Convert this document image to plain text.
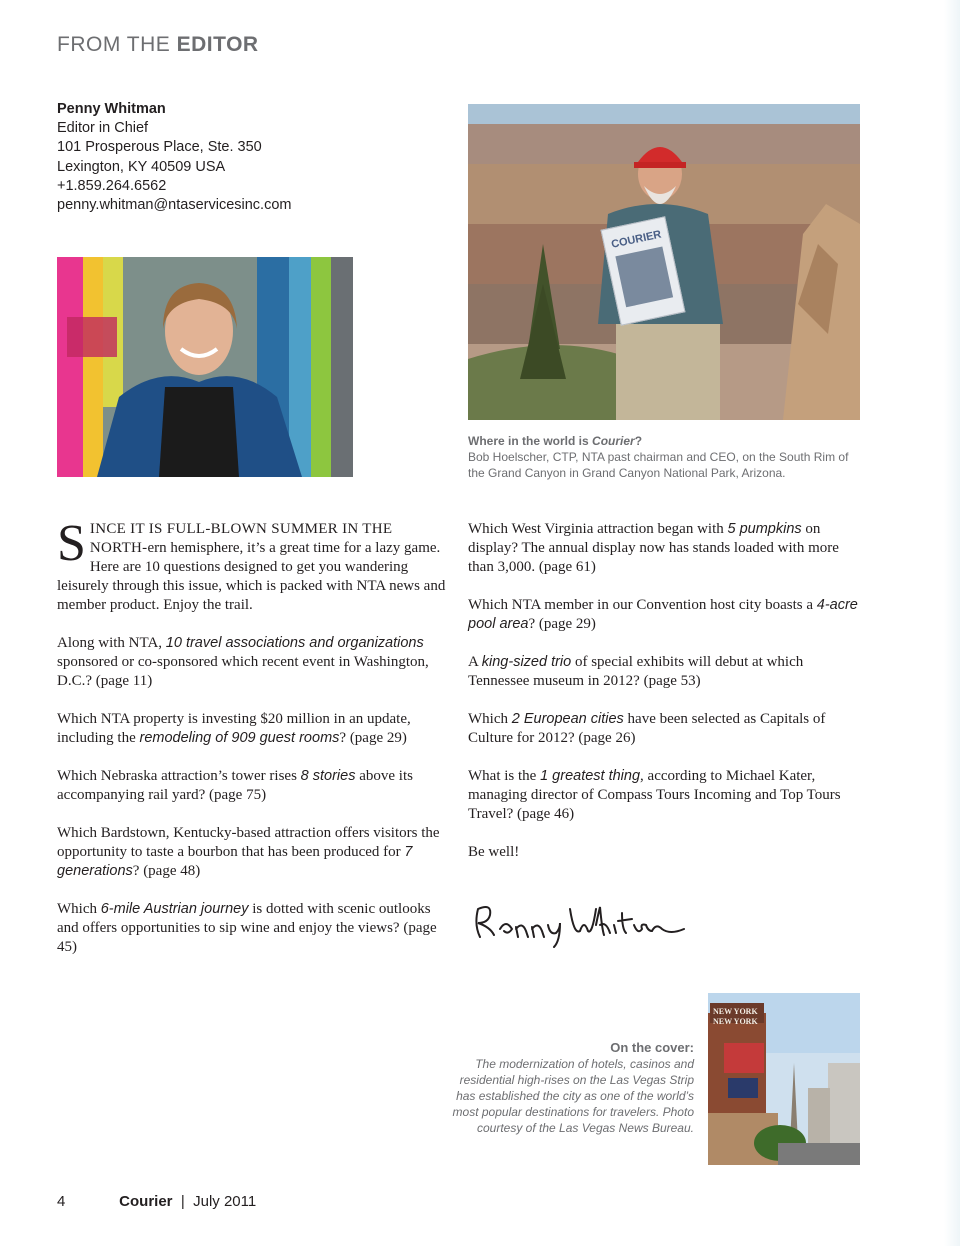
FROM THE EDITOR
Penny Whitman
Editor in Chief
101 Prosperous Place, Ste. 350
Lexington, KY 40509 USA
+1.859.264.6562
penny.whitman@ntaservicesinc.com
COURIER
Where in the world is Courier?
Bob Hoelscher, CTP, NTA past chairman and CEO, on the South Rim of the Grand Canyon in Grand Canyon National Park, Arizona.

SINCE IT IS FULL-BLOWN SUMMER IN THE NORTH-ern hemisphere, it’s a great time for a lazy game. Here are 10 questions designed to get you wandering leisurely through this issue, which is packed with NTA news and member product. Enjoy the trail.

Along with NTA, 10 travel associations and organizations sponsored or co-sponsored which recent event in Washington, D.C.? (page 11)

Which NTA property is investing $20 million in an update, including the remodeling of 909 guest rooms? (page 29)

Which Nebraska attraction’s tower rises 8 stories above its accompanying rail yard? (page 75)

Which Bardstown, Kentucky-based attraction offers visitors the opportunity to taste a bourbon that has been produced for 7 generations? (page 48)

Which 6-mile Austrian journey is dotted with scenic outlooks and offers opportunities to sip wine and enjoy the views? (page 45)

Which West Virginia attraction began with 5 pumpkins on display? The annual display now has stands loaded with more than 3,000. (page 61)

Which NTA member in our Convention host city boasts a 4-acre pool area? (page 29)

A king-sized trio of special exhibits will debut at which Tennessee museum in 2012? (page 53)

Which 2 European cities have been selected as Capitals of Culture for 2012? (page 26)

What is the 1 greatest thing, according to Michael Kater, managing director of Compass Tours Incoming and Top Tours Travel? (page 46)

Be well!

On the cover:
The modernization of hotels, casinos and residential high-rises on the Las Vegas Strip has established the city as one of the world’s most popular destinations for travelers. Photo courtesy of the Las Vegas News Bureau.
NEW YORK
NEW YORK
4	Courier | July 2011
